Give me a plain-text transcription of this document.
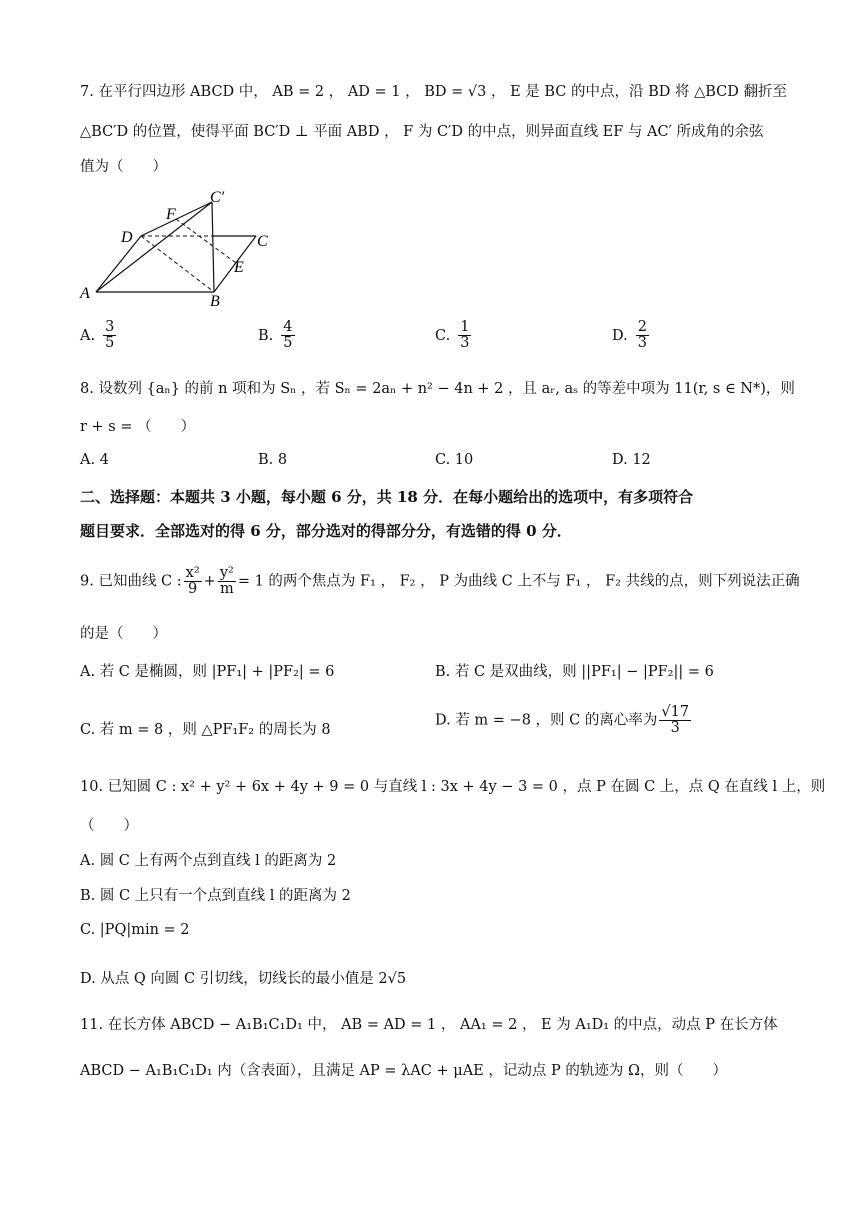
7. 在平行四边形 ABCD 中， AB = 2 ， AD = 1 ， BD = √3 ， E 是 BC 的中点，沿 BD 将 △BCD 翻折至
△BC′D 的位置，使得平面 BC′D ⊥ 平面 ABD ， F 为 C′D 的中点，则异面直线 EF 与 AC′ 所成角的余弦
值为（　　）
C′
F
D	C
E
A	B
A. $\frac{3}{5}$	B. $\frac{4}{5}$	C. $\frac{1}{3}$	D. $\frac{2}{3}$
8. 设数列 {aₙ} 的前 n 项和为 Sₙ ，若 Sₙ = 2aₙ + n² − 4n + 2 ，且 aᵣ, aₛ 的等差中项为 11(r, s ∈ N*)，则
r + s = （　　）
A. 4	B. 8	C. 10	D. 12
二、选择题：本题共 3 小题，每小题 6 分，共 18 分．在每小题给出的选项中，有多项符合
题目要求．全部选对的得 6 分，部分选对的得部分分，有选错的得 0 分．
9. 已知曲线 C : $\frac{\text{x²}}{9} + \frac{\text{y²}}{m} = 1$ 的两个焦点为 F₁ ， F₂ ， P 为曲线 C 上不与 F₁ ， F₂ 共线的点，则下列说法正确
的是（　　）
A. 若 C 是椭圆，则 |PF₁| + |PF₂| = 6	B. 若 C 是双曲线，则 ||PF₁| − |PF₂|| = 6
C. 若 m = 8 ，则 △PF₁F₂ 的周长为 8
D. 若 m = −8 ，则 C 的离心率为 $\frac{√17}{3}$
10. 已知圆 C : x² + y² + 6x + 4y + 9 = 0 与直线 l : 3x + 4y − 3 = 0 ，点 P 在圆 C 上，点 Q 在直线 l 上，则
（　　）
A. 圆 C 上有两个点到直线 l 的距离为 2
B. 圆 C 上只有一个点到直线 l 的距离为 2
C. |PQ|min = 2
D. 从点 Q 向圆 C 引切线，切线长的最小值是 2√5
11. 在长方体 ABCD − A₁B₁C₁D₁ 中， AB = AD = 1 ， AA₁ = 2 ， E 为 A₁D₁ 的中点，动点 P 在长方体
ABCD − A₁B₁C₁D₁ 内（含表面），且满足 AP = λAC + μAE ，记动点 P 的轨迹为 Ω，则（　　）
